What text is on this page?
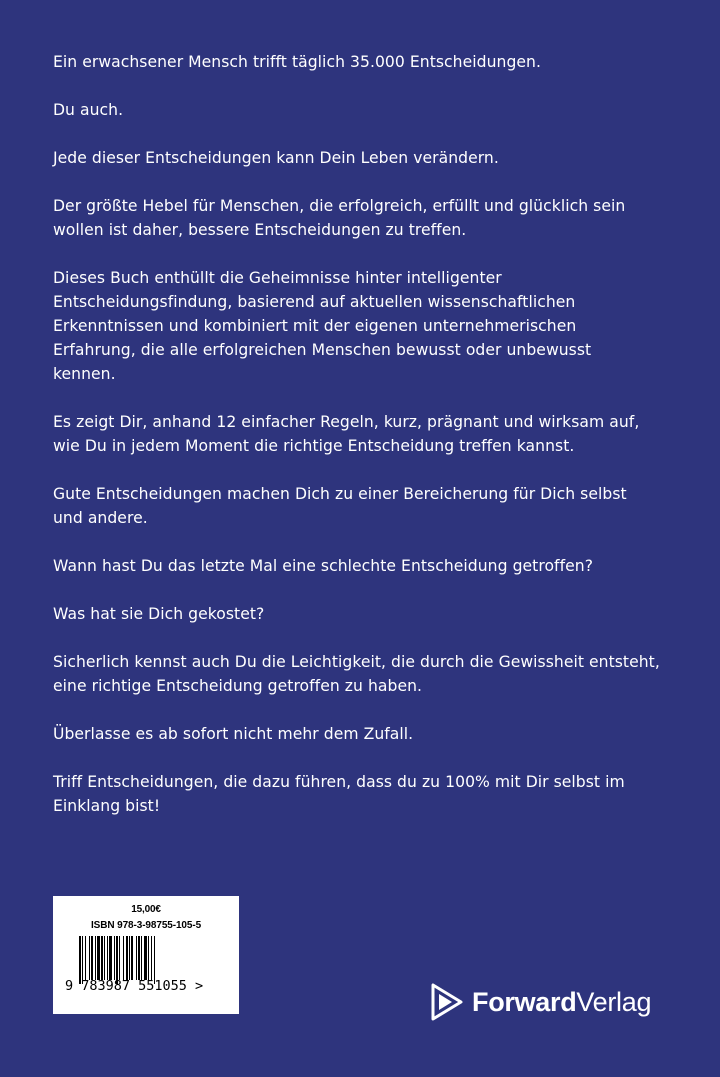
Ein erwachsener Mensch trifft täglich 35.000 Entscheidungen.

Du auch.

Jede dieser Entscheidungen kann Dein Leben verändern.

Der größte Hebel für Menschen, die erfolgreich, erfüllt und glücklich sein
wollen ist daher, bessere Entscheidungen zu treffen.

Dieses Buch enthüllt die Geheimnisse hinter intelligenter
Entscheidungsfindung, basierend auf aktuellen wissenschaftlichen
Erkenntnissen und kombiniert mit der eigenen unternehmerischen
Erfahrung, die alle erfolgreichen Menschen bewusst oder unbewusst
kennen.

Es zeigt Dir, anhand 12 einfacher Regeln, kurz, prägnant und wirksam auf,
wie Du in jedem Moment die richtige Entscheidung treffen kannst.

Gute Entscheidungen machen Dich zu einer Bereicherung für Dich selbst
und andere.

Wann hast Du das letzte Mal eine schlechte Entscheidung getroffen?

Was hat sie Dich gekostet?

Sicherlich kennst auch Du die Leichtigkeit, die durch die Gewissheit entsteht,
eine richtige Entscheidung getroffen zu haben.

Überlasse es ab sofort nicht mehr dem Zufall.

Triff Entscheidungen, die dazu führen, dass du zu 100% mit Dir selbst im
Einklang bist!

15,00€
ISBN 978-3-98755-105-5
9 783987 551055 >
ForwardVerlag
